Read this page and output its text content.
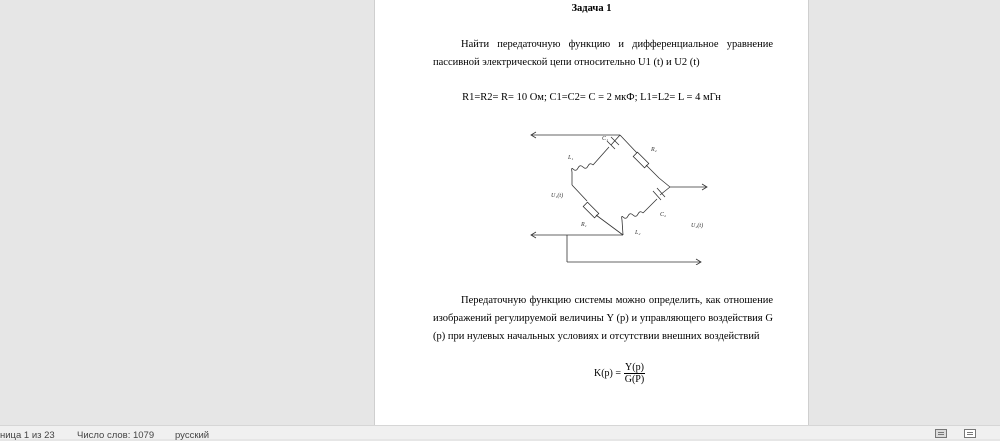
Задача 1
Найти передаточную функцию и дифференциальное уравнение
пассивной электрической цепи относительно U1 (t) и U2 (t)
R1=R2= R= 10 Ом; C1=C2= C = 2 мкФ; L1=L2= L = 4 мГн
C₁
R₂
L₁
U₁(t)
R₁
C₂
L₂
U₂(t)
Передаточную функцию системы можно определить, как отношение
изображений регулируемой величины Y (p) и управляющего воздействия G
(p) при нулевых начальных условиях и отсутствии внешних воздействий
$K(p) = \frac{Y(p)}{G(P)}$
ница 1 из 23 Число слов: 1079 русский
